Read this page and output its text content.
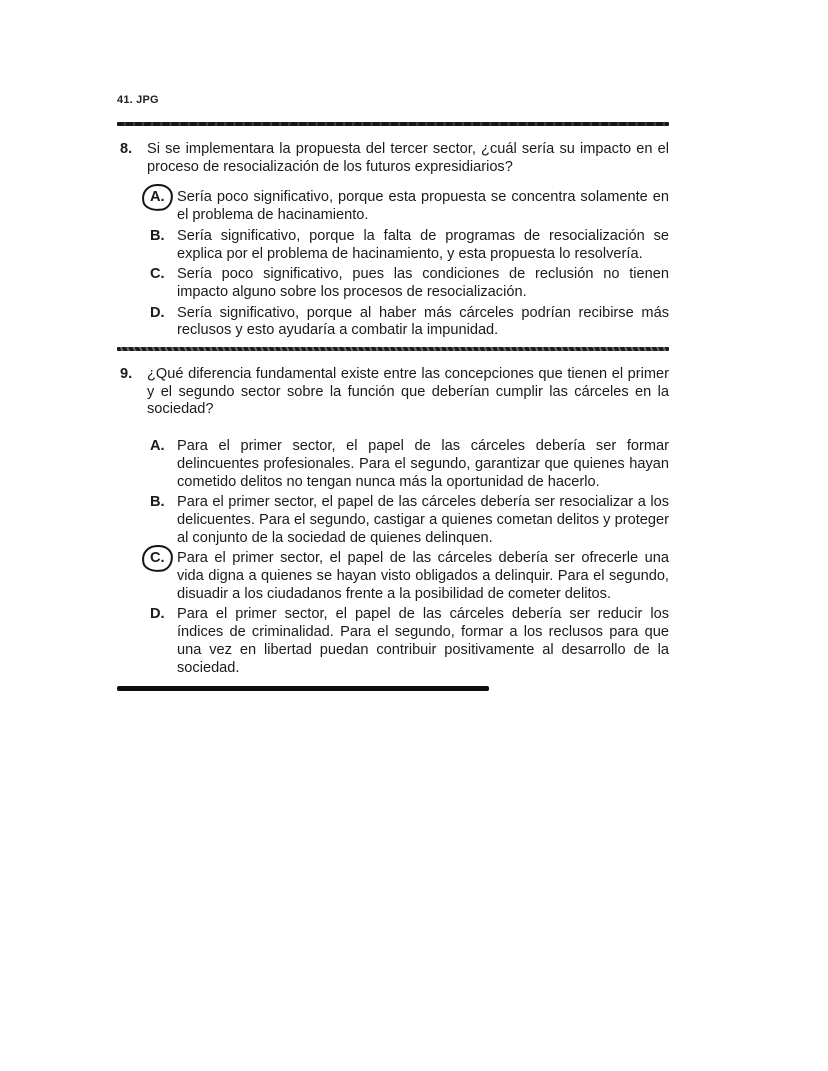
41. JPG
8.	Si se implementara la propuesta del tercer sector, ¿cuál sería su impacto en el proceso de resocialización de los futuros expresidiarios?
A. Sería poco significativo, porque esta propuesta se concentra solamente en el problema de hacinamiento.
B. Sería significativo, porque la falta de programas de resocialización se explica por el problema de hacinamiento, y esta propuesta lo resolvería.
C. Sería poco significativo, pues las condiciones de reclusión no tienen impacto alguno sobre los procesos de resocialización.
D. Sería significativo, porque al haber más cárceles podrían recibirse más reclusos y esto ayudaría a combatir la impunidad.
9.	¿Qué diferencia fundamental existe entre las concepciones que tienen el primer y el segundo sector sobre la función que deberían cumplir las cárceles en la sociedad?
A. Para el primer sector, el papel de las cárceles debería ser formar delincuentes profesionales. Para el segundo, garantizar que quienes hayan cometido delitos no tengan nunca más la oportunidad de hacerlo.
B. Para el primer sector, el papel de las cárceles debería ser resocializar a los delicuentes. Para el segundo, castigar a quienes cometan delitos y proteger al conjunto de la sociedad de quienes delinquen.
C. Para el primer sector, el papel de las cárceles debería ser ofrecerle una vida digna a quienes se hayan visto obligados a delinquir. Para el segundo, disuadir a los ciudadanos frente a la posibilidad de cometer delitos.
D. Para el primer sector, el papel de las cárceles debería ser reducir los índices de criminalidad. Para el segundo, formar a los reclusos para que una vez en libertad puedan contribuir positivamente al desarrollo de la sociedad.
